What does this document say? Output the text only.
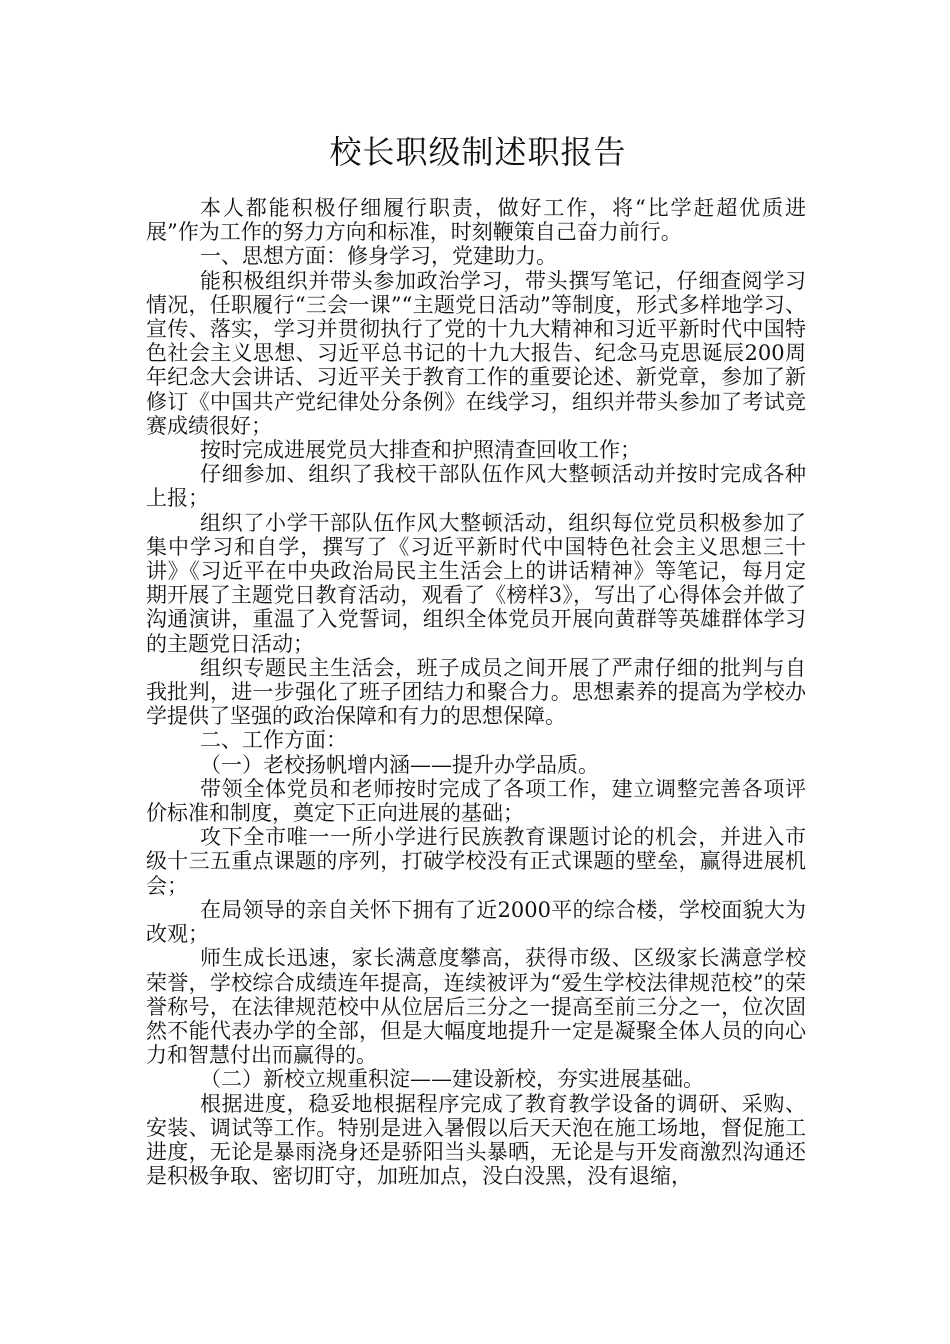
校长职级制述职报告

本人都能积极仔细履行职责，做好工作，将“比学赶超优质进展”作为工作的努力方向和标准，时刻鞭策自己奋力前行。

一、思想方面：修身学习，党建助力。

能积极组织并带头参加政治学习，带头撰写笔记，仔细查阅学习情况，任职履行“三会一课”“主题党日活动”等制度，形式多样地学习、宣传、落实，学习并贯彻执行了党的十九大精神和习近平新时代中国特色社会主义思想、习近平总书记的十九大报告、纪念马克思诞辰200周年纪念大会讲话、习近平关于教育工作的重要论述、新党章，参加了新修订《中国共产党纪律处分条例》在线学习，组织并带头参加了考试竞赛成绩很好；

按时完成进展党员大排查和护照清查回收工作；

仔细参加、组织了我校干部队伍作风大整顿活动并按时完成各种上报；

组织了小学干部队伍作风大整顿活动，组织每位党员积极参加了集中学习和自学，撰写了《习近平新时代中国特色社会主义思想三十讲》《习近平在中央政治局民主生活会上的讲话精神》等笔记，每月定期开展了主题党日教育活动，观看了《榜样3》，写出了心得体会并做了沟通演讲，重温了入党誓词，组织全体党员开展向黄群等英雄群体学习的主题党日活动；

组织专题民主生活会，班子成员之间开展了严肃仔细的批判与自我批判，进一步强化了班子团结力和聚合力。思想素养的提高为学校办学提供了坚强的政治保障和有力的思想保障。

二、工作方面：

（一）老校扬帆增内涵——提升办学品质。

带领全体党员和老师按时完成了各项工作，建立调整完善各项评价标准和制度，奠定下正向进展的基础；

攻下全市唯一一所小学进行民族教育课题讨论的机会，并进入市级十三五重点课题的序列，打破学校没有正式课题的壁垒，赢得进展机会；

在局领导的亲自关怀下拥有了近2000平的综合楼，学校面貌大为改观；

师生成长迅速，家长满意度攀高，获得市级、区级家长满意学校荣誉，学校综合成绩连年提高，连续被评为“爱生学校法律规范校”的荣誉称号，在法律规范校中从位居后三分之一提高至前三分之一，位次固然不能代表办学的全部，但是大幅度地提升一定是凝聚全体人员的向心力和智慧付出而赢得的。

（二）新校立规重积淀——建设新校，夯实进展基础。

根据进度，稳妥地根据程序完成了教育教学设备的调研、采购、安装、调试等工作。特别是进入暑假以后天天泡在施工场地，督促施工进度，无论是暴雨浇身还是骄阳当头暴晒，无论是与开发商激烈沟通还是积极争取、密切盯守，加班加点，没白没黑，没有退缩，
